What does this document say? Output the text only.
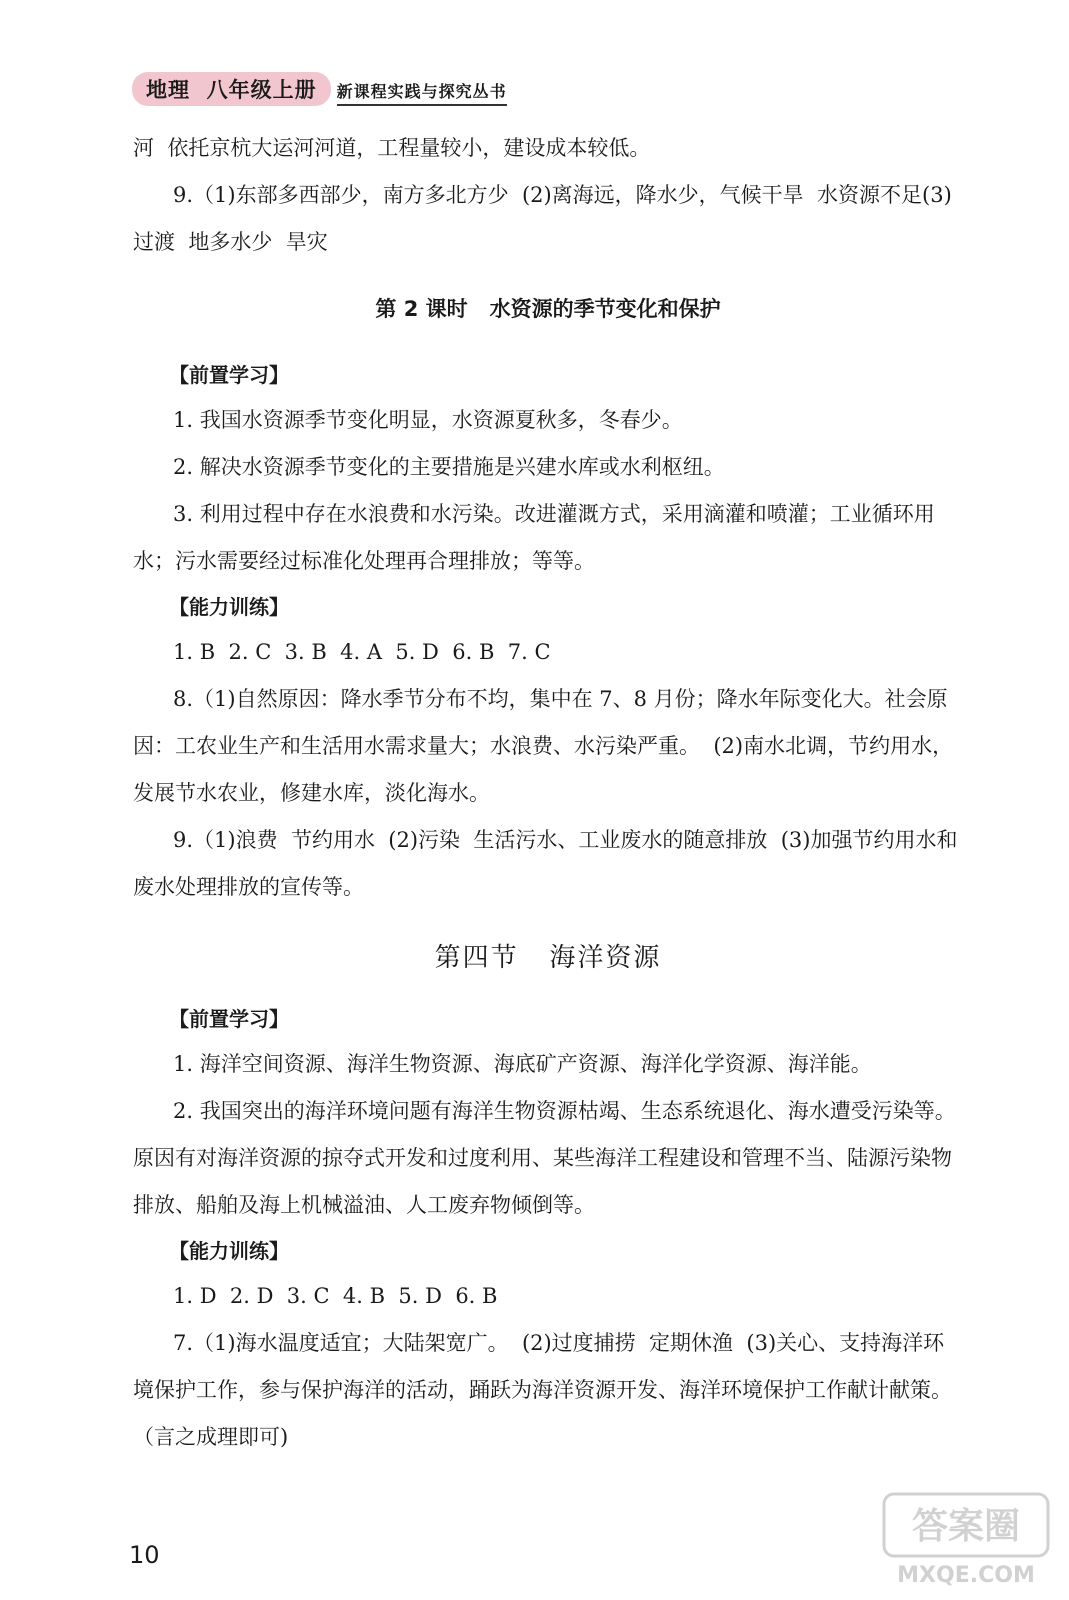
地理  八年级上册	新课程实践与探究丛书

河  依托京杭大运河河道，工程量较小，建设成本较低。

9.（1)东部多西部少，南方多北方少  (2)离海远，降水少，气候干旱  水资源不足(3)过渡  地多水少  旱灾

第 2 课时   水资源的季节变化和保护
【前置学习】

1. 我国水资源季节变化明显，水资源夏秋多，冬春少。

2. 解决水资源季节变化的主要措施是兴建水库或水利枢纽。

3. 利用过程中存在水浪费和水污染。改进灌溉方式，采用滴灌和喷灌；工业循环用水；污水需要经过标准化处理再合理排放；等等。

【能力训练】

1. B  2. C  3. B  4. A  5. D  6. B  7. C

8.（1)自然原因：降水季节分布不均，集中在 7、8 月份；降水年际变化大。社会原因：工农业生产和生活用水需求量大；水浪费、水污染严重。  (2)南水北调，节约用水，发展节水农业，修建水库，淡化海水。

9.（1)浪费  节约用水  (2)污染  生活污水、工业废水的随意排放  (3)加强节约用水和废水处理排放的宣传等。

第四节   海洋资源
【前置学习】

1. 海洋空间资源、海洋生物资源、海底矿产资源、海洋化学资源、海洋能。

2. 我国突出的海洋环境问题有海洋生物资源枯竭、生态系统退化、海水遭受污染等。原因有对海洋资源的掠夺式开发和过度利用、某些海洋工程建设和管理不当、陆源污染物排放、船舶及海上机械溢油、人工废弃物倾倒等。

【能力训练】

1. D  2. D  3. C  4. B  5. D  6. B

7.（1)海水温度适宜；大陆架宽广。  (2)过度捕捞  定期休渔  (3)关心、支持海洋环境保护工作，参与保护海洋的活动，踊跃为海洋资源开发、海洋环境保护工作献计献策。（言之成理即可)

10
答案圈
MXQE.COM
